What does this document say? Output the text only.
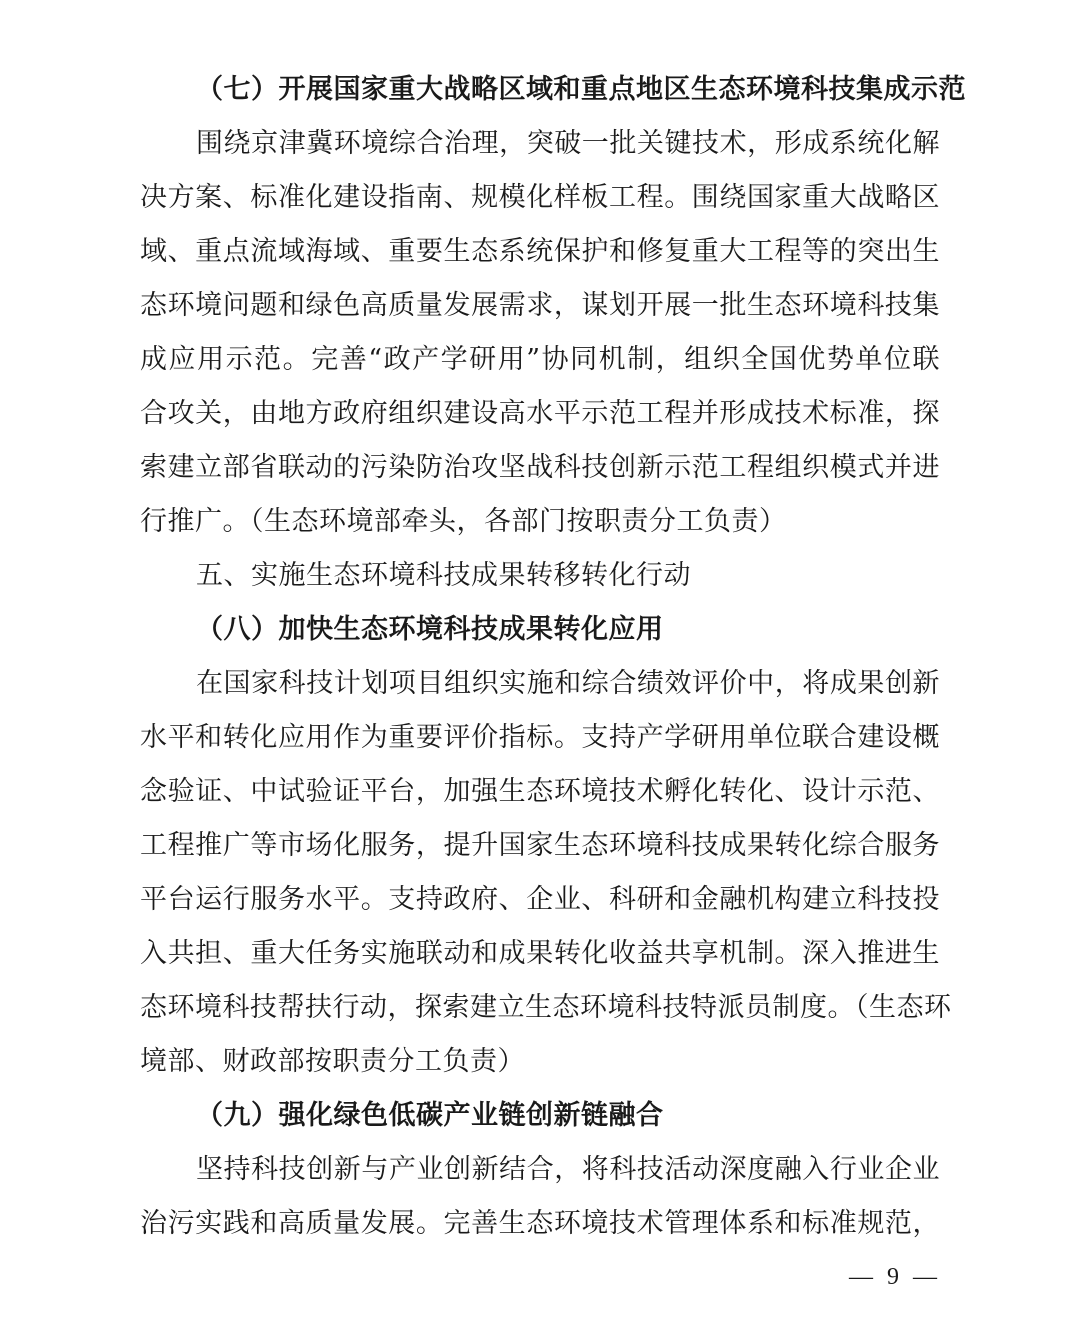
（七）开展国家重大战略区域和重点地区生态环境科技集成示范

围绕京津冀环境综合治理，突破一批关键技术，形成系统化解

决方案、标准化建设指南、规模化样板工程。围绕国家重大战略区

域、重点流域海域、重要生态系统保护和修复重大工程等的突出生

态环境问题和绿色高质量发展需求，谋划开展一批生态环境科技集

成应用示范。完善“政产学研用”协同机制，组织全国优势单位联

合攻关，由地方政府组织建设高水平示范工程并形成技术标准，探

索建立部省联动的污染防治攻坚战科技创新示范工程组织模式并进

行推广。（生态环境部牵头，各部门按职责分工负责）

五、实施生态环境科技成果转移转化行动

（八）加快生态环境科技成果转化应用

在国家科技计划项目组织实施和综合绩效评价中，将成果创新

水平和转化应用作为重要评价指标。支持产学研用单位联合建设概

念验证、中试验证平台，加强生态环境技术孵化转化、设计示范、

工程推广等市场化服务，提升国家生态环境科技成果转化综合服务

平台运行服务水平。支持政府、企业、科研和金融机构建立科技投

入共担、重大任务实施联动和成果转化收益共享机制。深入推进生

态环境科技帮扶行动，探索建立生态环境科技特派员制度。（生态环

境部、财政部按职责分工负责）

（九）强化绿色低碳产业链创新链融合

坚持科技创新与产业创新结合，将科技活动深度融入行业企业

治污实践和高质量发展。完善生态环境技术管理体系和标准规范，

— 9 —
